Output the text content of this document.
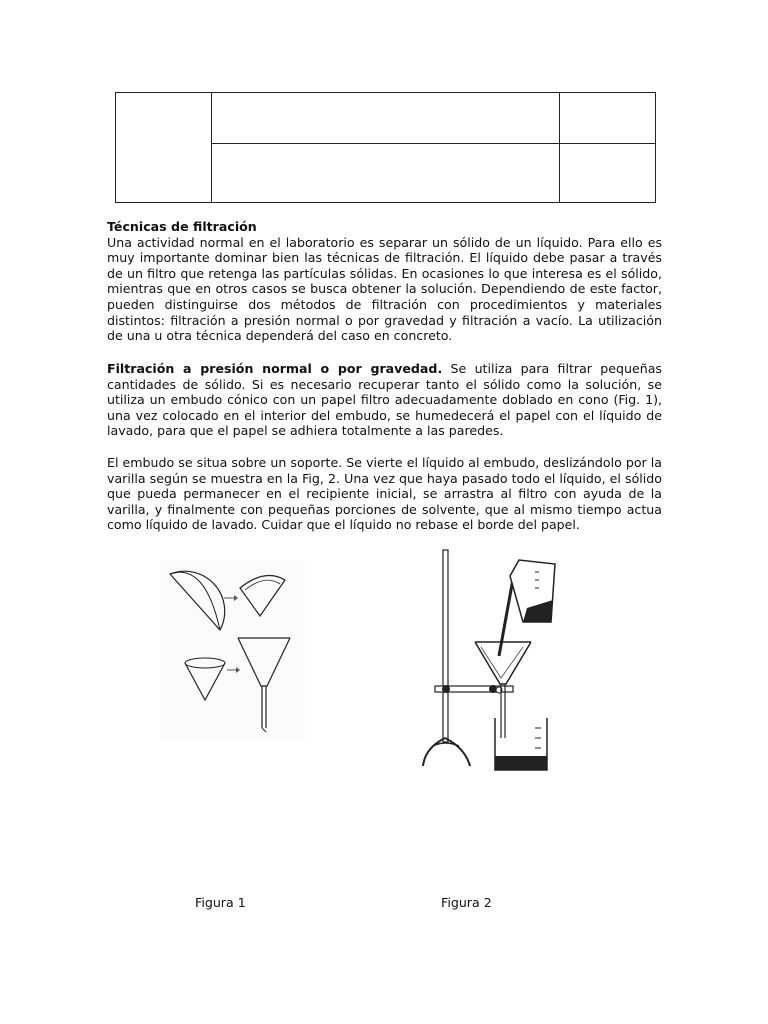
Técnicas de filtración
Una actividad normal en el laboratorio es separar un sólido de un líquido. Para ello es muy importante dominar bien las técnicas de filtración. El líquido debe pasar a través de un filtro que retenga las partículas sólidas. En ocasiones lo que interesa es el sólido, mientras que en otros casos se busca obtener la solución. Dependiendo de este factor, pueden distinguirse dos métodos de filtración con procedimientos y materiales distintos: filtración a presión normal o por gravedad y filtración a vacío. La utilización de una u otra técnica dependerá del caso en concreto.
Filtración a presión normal o por gravedad. Se utiliza para filtrar pequeñas cantidades de sólido. Si es necesario recuperar tanto el sólido como la solución, se utiliza un embudo cónico con un papel filtro adecuadamente doblado en cono (Fig. 1), una vez colocado en el interior del embudo, se humedecerá el papel con el líquido de lavado, para que el papel se adhiera totalmente a las paredes.
El embudo se situa sobre un soporte. Se vierte el líquido al embudo, deslizándolo por la varilla según se muestra en la Fig, 2. Una vez que haya pasado todo el líquido, el sólido que pueda permanecer en el recipiente inicial, se arrastra al filtro con ayuda de la varilla, y finalmente con pequeñas porciones de solvente, que al mismo tiempo actua como líquido de lavado. Cuidar que el líquido no rebase el borde del papel.

Figura 1	Figura 2
